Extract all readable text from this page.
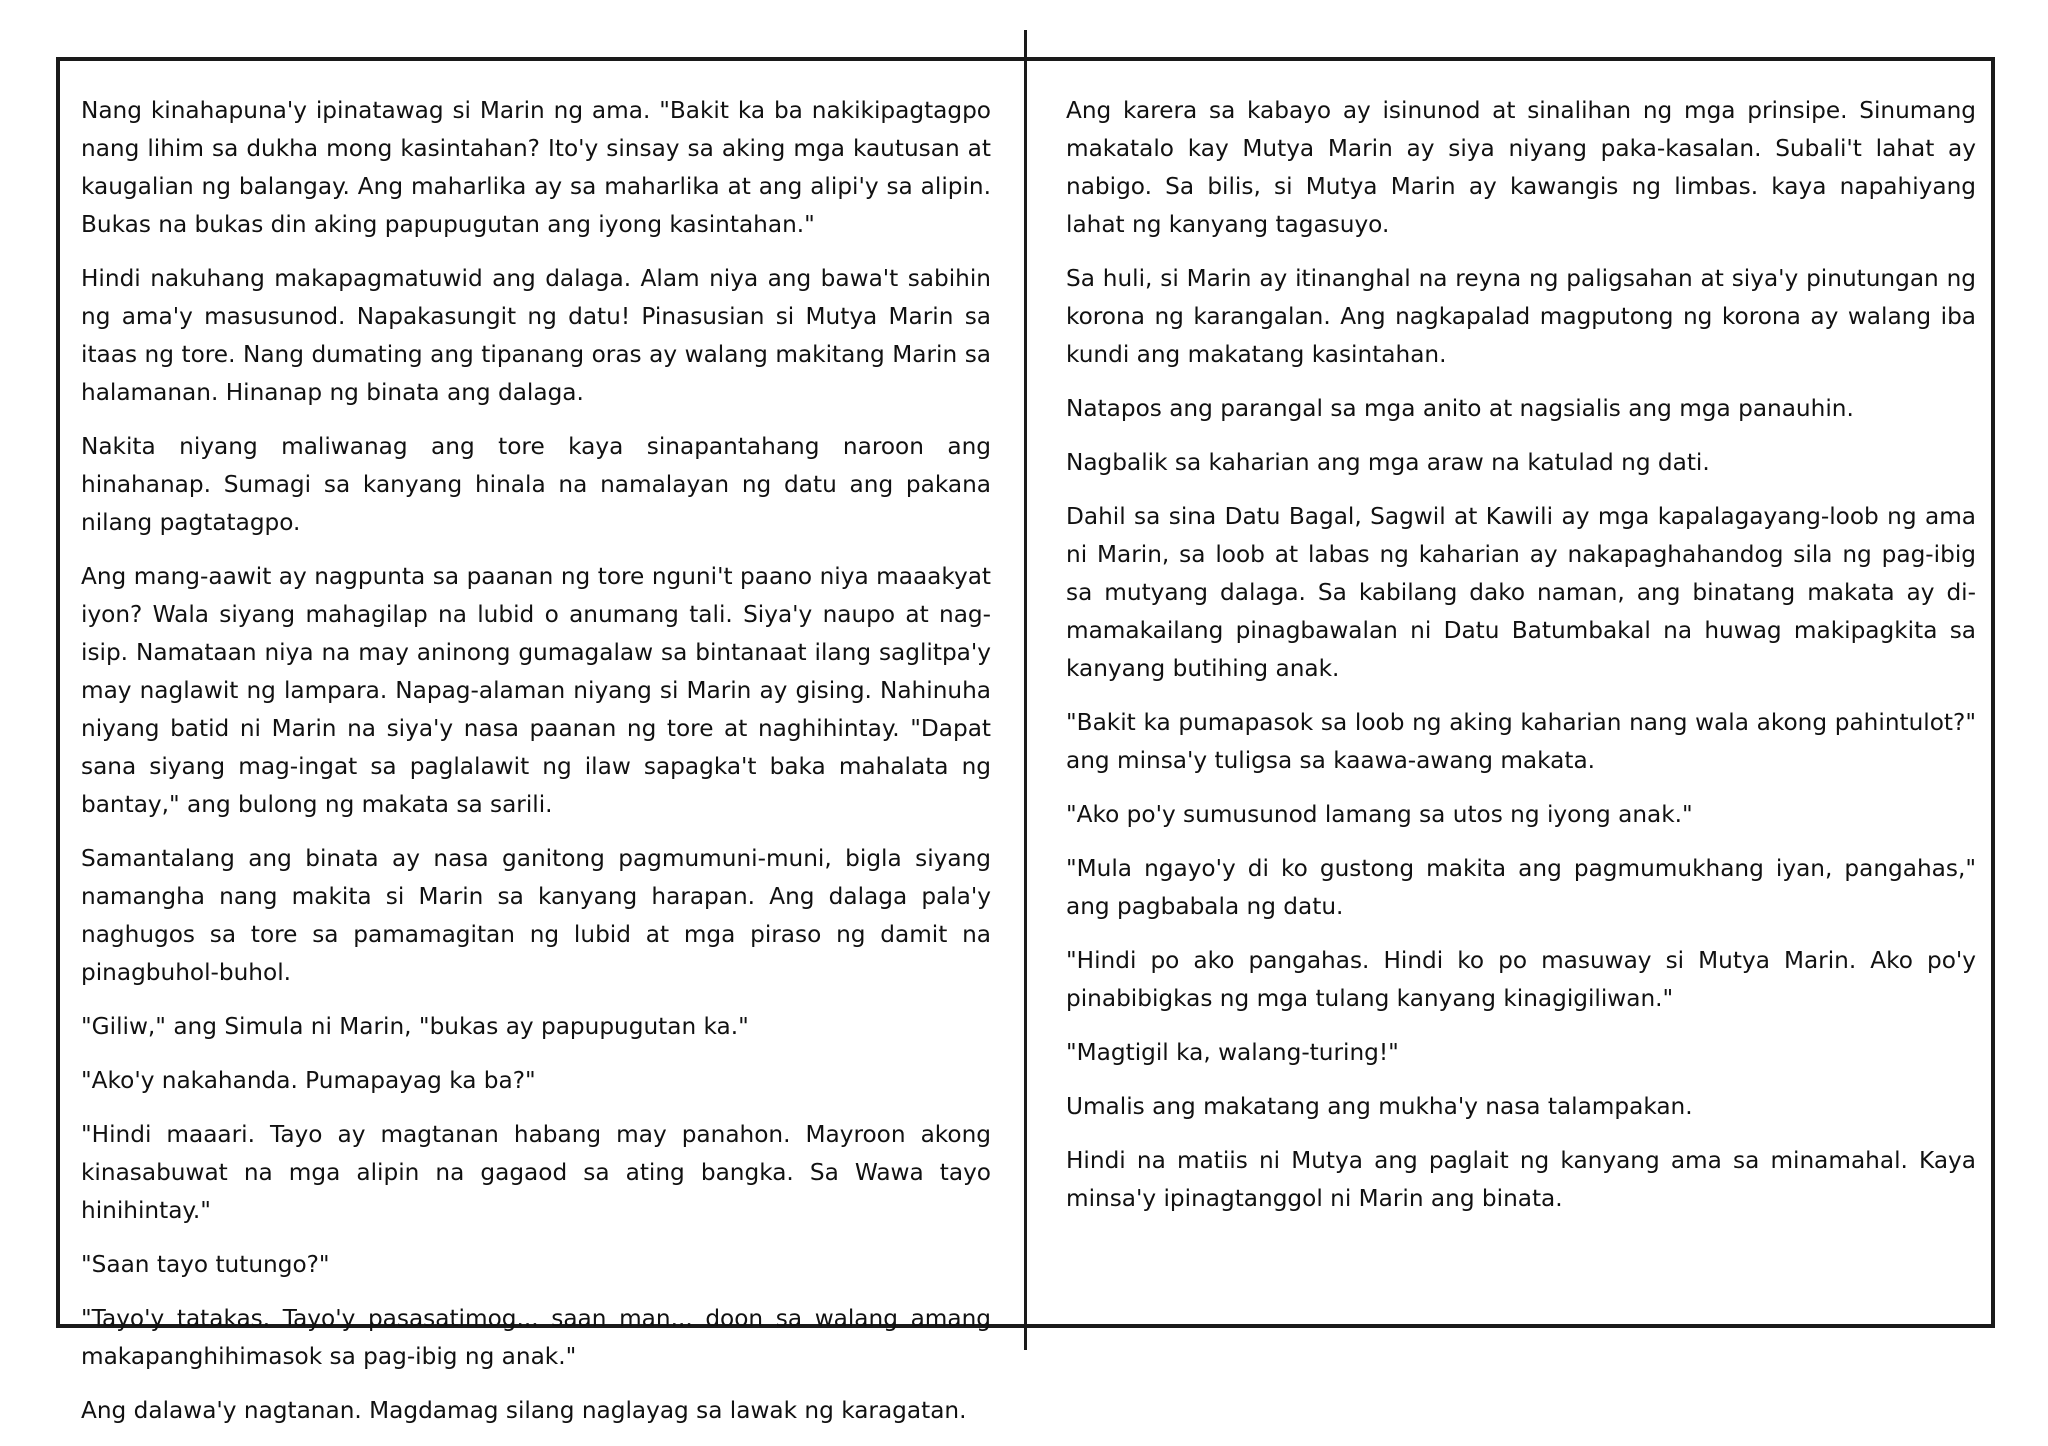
Nang kinahapuna'y ipinatawag si Marin ng ama. "Bakit ka ba nakikipagtagpo nang lihim sa dukha mong kasintahan? Ito'y sinsay sa aking mga kautusan at kaugalian ng balangay. Ang maharlika ay sa maharlika at ang alipi'y sa alipin. Bukas na bukas din aking papupugutan ang iyong kasintahan."

Hindi nakuhang makapagmatuwid ang dalaga. Alam niya ang bawa't sabihin ng ama'y masusunod. Napakasungit ng datu! Pinasusian si Mutya Marin sa itaas ng tore. Nang dumating ang tipanang oras ay walang makitang Marin sa halamanan. Hinanap ng binata ang dalaga.

Nakita niyang maliwanag ang tore kaya sinapantahang naroon ang hinahanap. Sumagi sa kanyang hinala na namalayan ng datu ang pakana nilang pagtatagpo.

Ang mang-aawit ay nagpunta sa paanan ng tore nguni't paano niya maaakyat iyon? Wala siyang mahagilap na lubid o anumang tali. Siya'y naupo at nag-isip. Namataan niya na may aninong gumagalaw sa bintanaat ilang saglitpa'y may naglawit ng lampara. Napag-alaman niyang si Marin ay gising. Nahinuha niyang batid ni Marin na siya'y nasa paanan ng tore at naghihintay. "Dapat sana siyang mag-ingat sa paglalawit ng ilaw sapagka't baka mahalata ng bantay," ang bulong ng makata sa sarili.

Samantalang ang binata ay nasa ganitong pagmumuni-muni, bigla siyang namangha nang makita si Marin sa kanyang harapan. Ang dalaga pala'y naghugos sa tore sa pamamagitan ng lubid at mga piraso ng damit na pinagbuhol-buhol.

"Giliw," ang Simula ni Marin, "bukas ay papupugutan ka."

"Ako'y nakahanda. Pumapayag ka ba?"

"Hindi maaari. Tayo ay magtanan habang may panahon. Mayroon akong kinasabuwat na mga alipin na gagaod sa ating bangka. Sa Wawa tayo hinihintay."

"Saan tayo tutungo?"

"Tayo'y tatakas. Tayo'y pasasatimog... saan man... doon sa walang amang makapanghihimasok sa pag-ibig ng anak."

Ang dalawa'y nagtanan. Magdamag silang naglayag sa lawak ng karagatan.

Ang karera sa kabayo ay isinunod at sinalihan ng mga prinsipe. Sinumang makatalo kay Mutya Marin ay siya niyang paka-kasalan. Subali't lahat ay nabigo. Sa bilis, si Mutya Marin ay kawangis ng limbas. kaya napahiyang lahat ng kanyang tagasuyo.

Sa huli, si Marin ay itinanghal na reyna ng paligsahan at siya'y pinutungan ng korona ng karangalan. Ang nagkapalad magputong ng korona ay walang iba kundi ang makatang kasintahan.

Natapos ang parangal sa mga anito at nagsialis ang mga panauhin.

Nagbalik sa kaharian ang mga araw na katulad ng dati.

Dahil sa sina Datu Bagal, Sagwil at Kawili ay mga kapalagayang-loob ng ama ni Marin, sa loob at labas ng kaharian ay nakapaghahandog sila ng pag-ibig sa mutyang dalaga. Sa kabilang dako naman, ang binatang makata ay di-mamakailang pinagbawalan ni Datu Batumbakal na huwag makipagkita sa kanyang butihing anak.

"Bakit ka pumapasok sa loob ng aking kaharian nang wala akong pahintulot?" ang minsa'y tuligsa sa kaawa-awang makata.

"Ako po'y sumusunod lamang sa utos ng iyong anak."

"Mula ngayo'y di ko gustong makita ang pagmumukhang iyan, pangahas," ang pagbabala ng datu.

"Hindi po ako pangahas. Hindi ko po masuway si Mutya Marin. Ako po'y pinabibigkas ng mga tulang kanyang kinagigiliwan."

"Magtigil ka, walang-turing!"

Umalis ang makatang ang mukha'y nasa talampakan.

Hindi na matiis ni Mutya ang paglait ng kanyang ama sa minamahal. Kaya minsa'y ipinagtanggol ni Marin ang binata.
